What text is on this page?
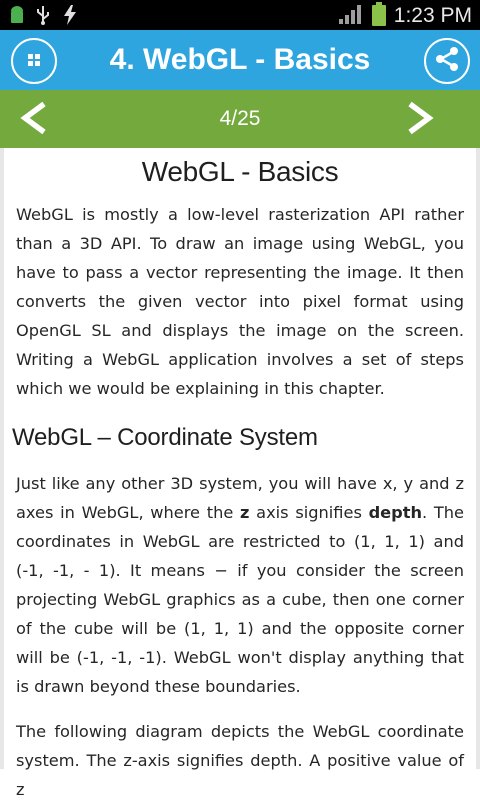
1:23 PM
4. WebGL - Basics
4/25
WebGL - Basics

WebGL is mostly a low-level rasterization API rather than a 3D API. To draw an image using WebGL, you have to pass a vector representing the image. It then converts the given vector into pixel format using OpenGL SL and displays the image on the screen. Writing a WebGL application involves a set of steps which we would be explaining in this chapter.

WebGL – Coordinate System

Just like any other 3D system, you will have x, y and z axes in WebGL, where the z axis signifies depth. The coordinates in WebGL are restricted to (1, 1, 1) and (-1, -1, - 1). It means − if you consider the screen projecting WebGL graphics as a cube, then one corner of the cube will be (1, 1, 1) and the opposite corner will be (-1, -1, -1). WebGL won't display anything that is drawn beyond these boundaries.

The following diagram depicts the WebGL coordinate system. The z-axis signifies depth. A positive value of z
